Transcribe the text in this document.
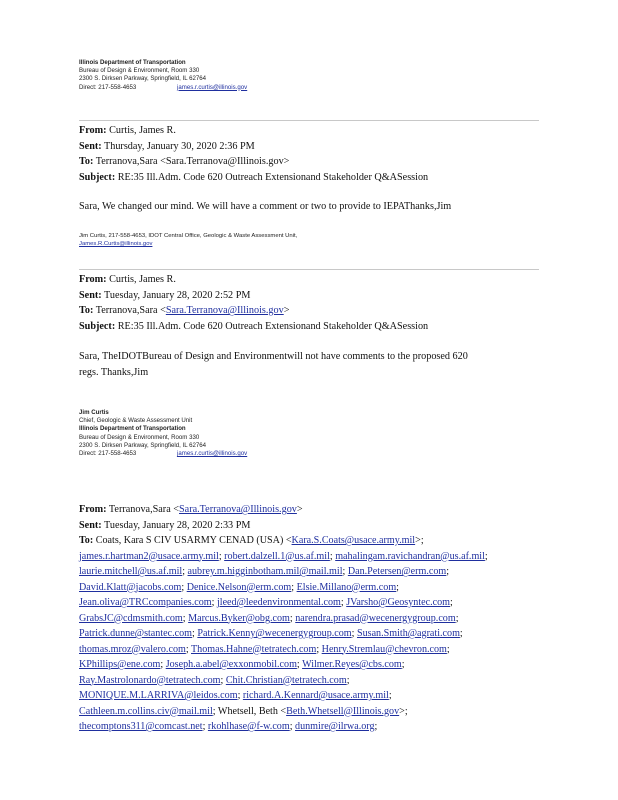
Illinois Department of Transportation
Bureau of Design & Environment, Room 330
2300 S. Dirksen Parkway, Springfield, IL 62764
Direct: 217-558-4653	james.r.curtis@illinois.gov
From: Curtis, James R.
Sent: Thursday, January 30, 2020 2:36 PM
To: Terranova,Sara <Sara.Terranova@Illinois.gov>
Subject: RE:35 Ill.Adm. Code 620 Outreach Extensionand Stakeholder Q&ASession
Sara, We changed our mind. We will have a comment or two to provide to IEPAThanks,Jim
Jim Curtis, 217-558-4653, IDOT Central Office, Geologic & Waste Assessment Unit,
James.R.Curtis@illinois.gov
From: Curtis, James R.
Sent: Tuesday, January 28, 2020 2:52 PM
To: Terranova,Sara <Sara.Terranova@Illinois.gov>
Subject: RE:35 Ill.Adm. Code 620 Outreach Extensionand Stakeholder Q&ASession
Sara, TheIDOTBureau of Design and Environmentwill not have comments to the proposed 620
regs. Thanks,Jim
Jim Curtis
Chief, Geologic & Waste Assessment Unit
Illinois Department of Transportation
Bureau of Design & Environment, Room 330
2300 S. Dirksen Parkway, Springfield, IL 62764
Direct: 217-558-4653	james.r.curtis@illinois.gov
From: Terranova,Sara <Sara.Terranova@Illinois.gov>
Sent: Tuesday, January 28, 2020 2:33 PM
To: Coats, Kara S CIV USARMY CENAD (USA) <Kara.S.Coats@usace.army.mil>;
james.r.hartman2@usace.army.mil; robert.dalzell.1@us.af.mil; mahalingam.ravichandran@us.af.mil;
laurie.mitchell@us.af.mil; aubrey.m.higginbotham.mil@mail.mil; Dan.Petersen@erm.com;
David.Klatt@jacobs.com; Denice.Nelson@erm.com; Elsie.Millano@erm.com;
Jean.oliva@TRCcompanies.com; jleed@leedenvironmental.com; JVarsho@Geosyntec.com;
GrabsJC@cdmsmith.com; Marcus.Byker@obg.com; narendra.prasad@wecenergygroup.com;
Patrick.dunne@stantec.com; Patrick.Kenny@wecenergygroup.com; Susan.Smith@agrati.com;
thomas.mroz@valero.com; Thomas.Hahne@tetratech.com; Henry.Stremlau@chevron.com;
KPhillips@ene.com; Joseph.a.abel@exxonmobil.com; Wilmer.Reyes@cbs.com;
Ray.Mastrolonardo@tetratech.com; Chit.Christian@tetratech.com;
MONIQUE.M.LARRIVA@leidos.com; richard.A.Kennard@usace.army.mil;
Cathleen.m.collins.civ@mail.mil; Whetsell, Beth <Beth.Whetsell@Illinois.gov>;
thecomptons311@comcast.net; rkohlhase@f-w.com; dunmire@ilrwa.org;
